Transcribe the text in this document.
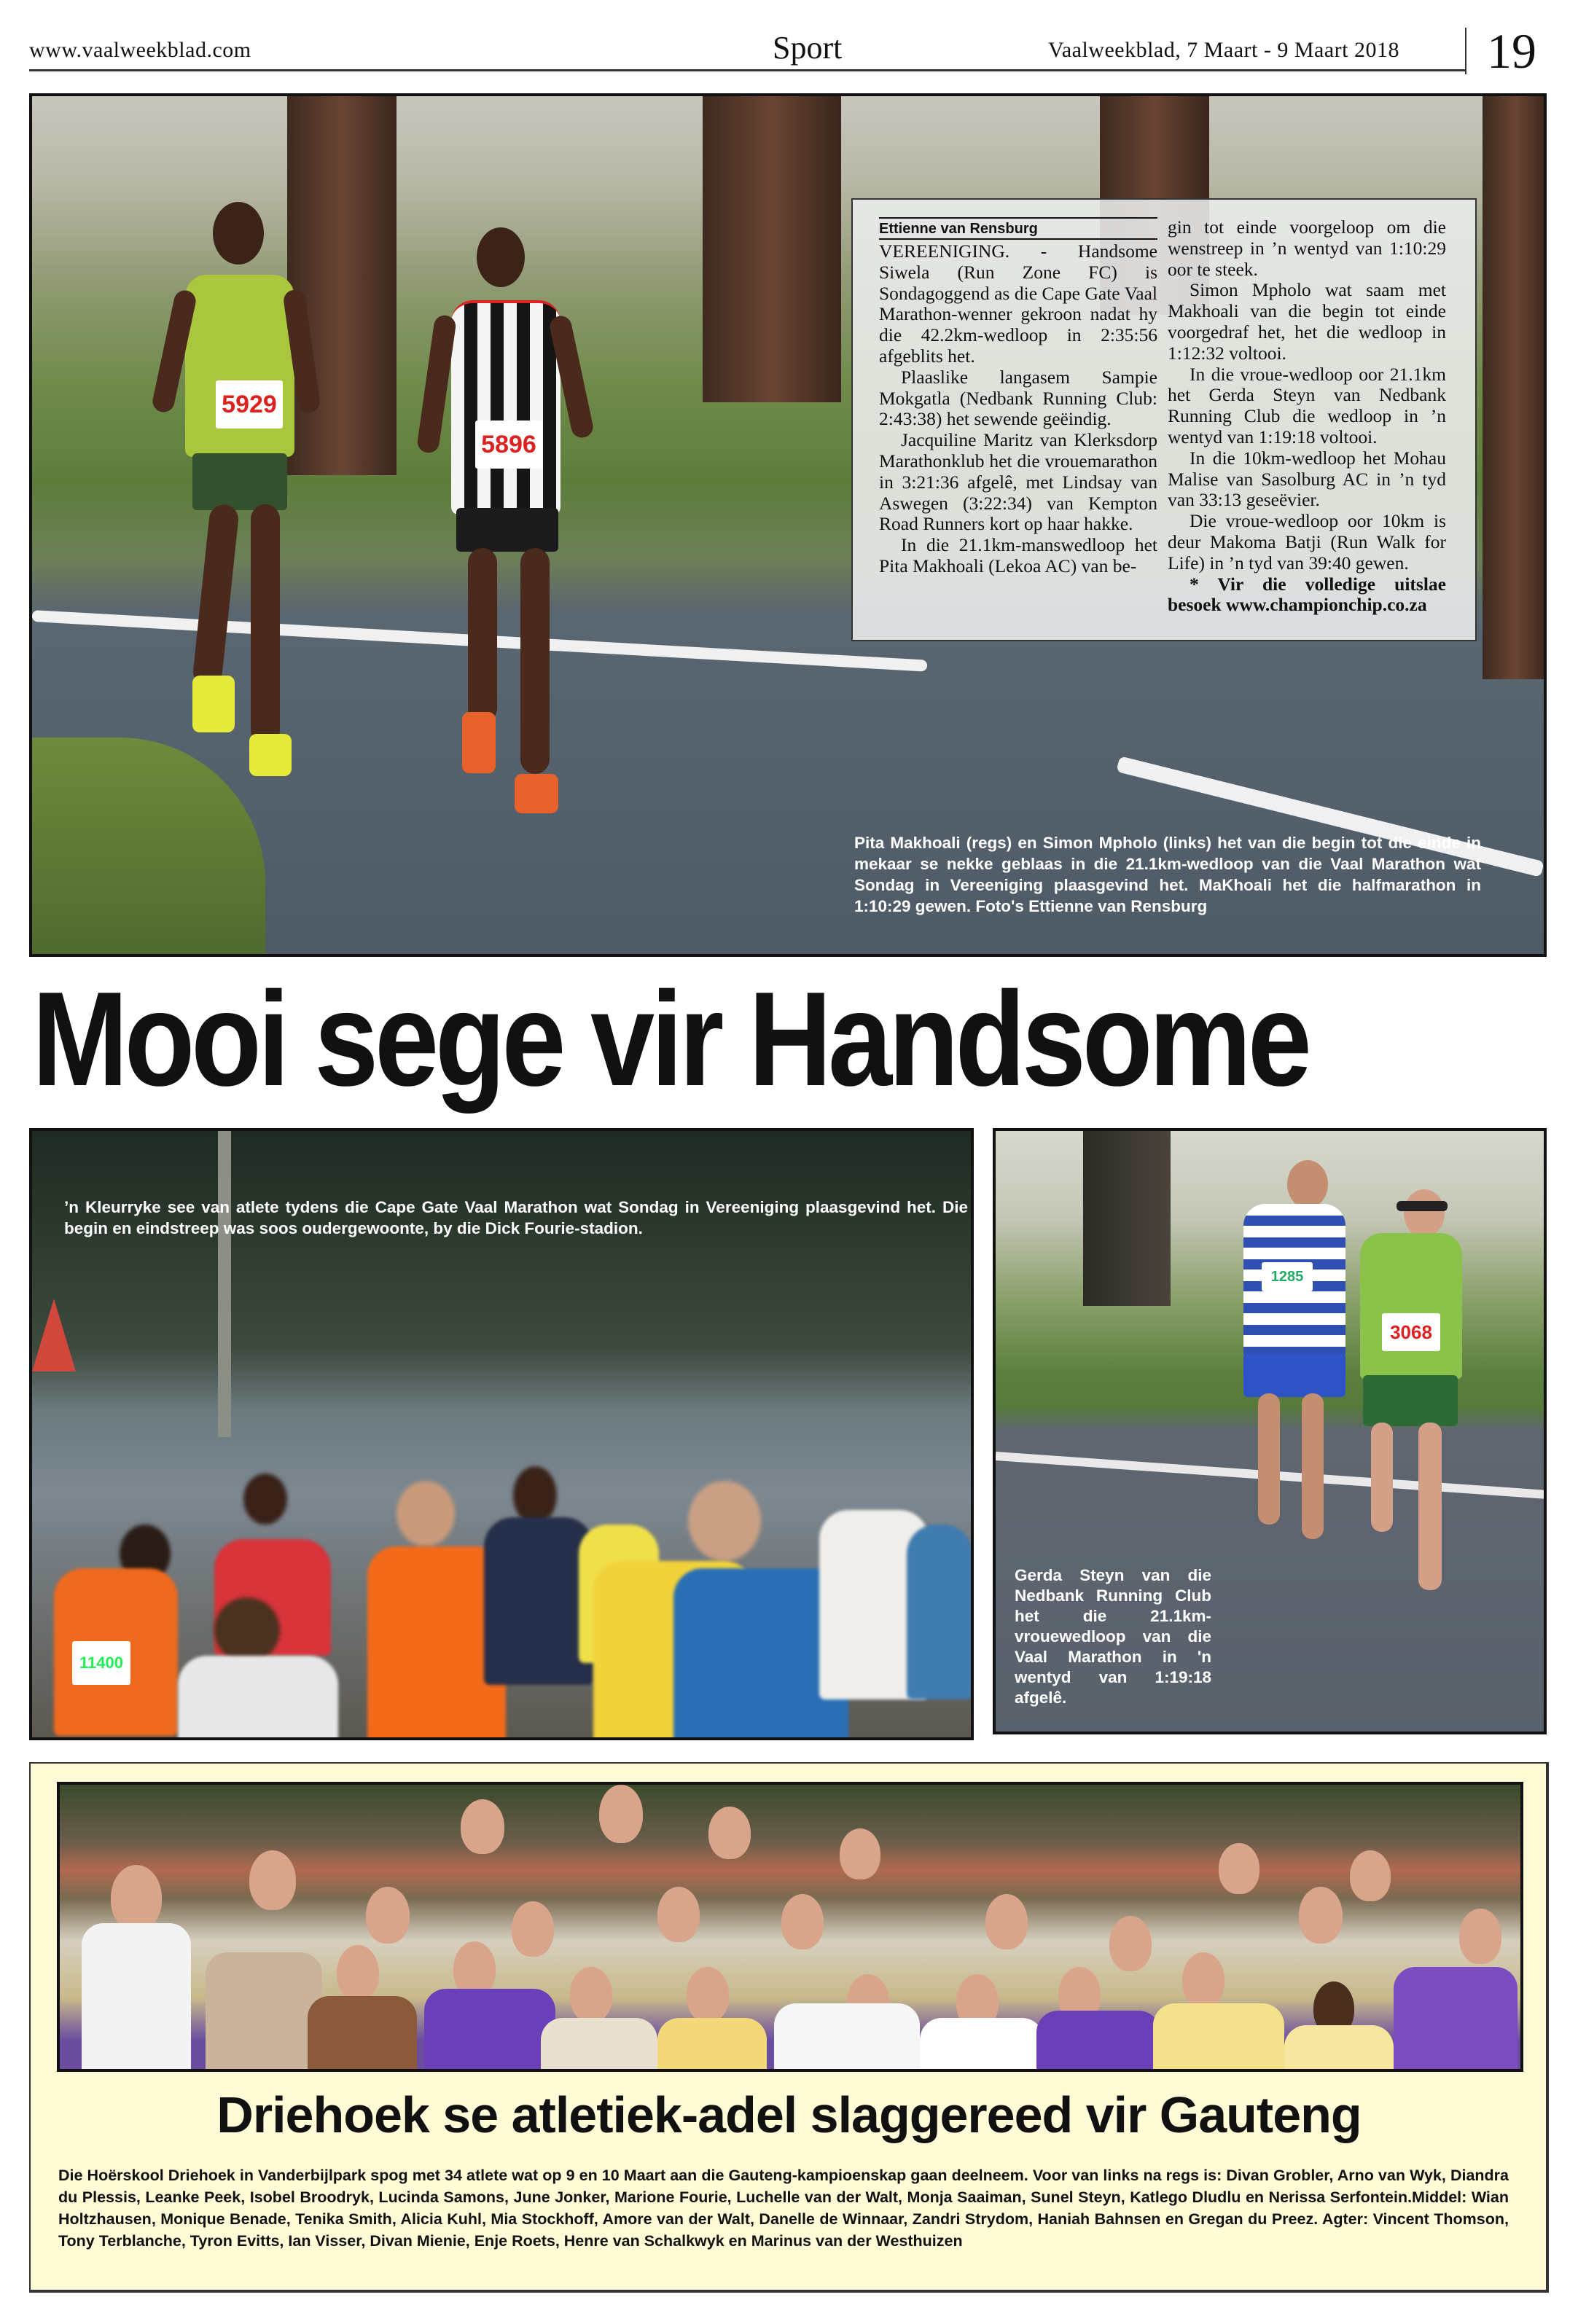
www.vaalweekblad.com	Sport	Vaalweekblad, 7 Maart - 9 Maart 2018 19
5929
5896
Ettienne van Rensburg

VEREENIGING. - Handsome Siwela (Run Zone FC) is Sondagoggend as die Cape Gate Vaal Marathon-wenner gekroon nadat hy die 42.2km-wedloop in 2:35:56 afgeblits het.

Plaaslike langasem Sampie Mokgatla (Nedbank Running Club: 2:43:38) het sewende geëindig.

Jacquiline Maritz van Klerksdorp Marathonklub het die vrouemarathon in 3:21:36 afgelê, met Lindsay van Aswegen (3:22:34) van Kempton Road Runners kort op haar hakke.

In die 21.1km-manswedloop het Pita Makhoali (Lekoa AC) van be-

gin tot einde voorgeloop om die wenstreep in ’n wentyd van 1:10:29 oor te steek.

Simon Mpholo wat saam met Makhoali van die begin tot einde voorgedraf het, het die wedloop in 1:12:32 voltooi.

In die vroue-wedloop oor 21.1km het Gerda Steyn van Nedbank Running Club die wedloop in ’n wentyd van 1:19:18 voltooi.

In die 10km-wedloop het Mohau Malise van Sasolburg AC in ’n tyd van 33:13 geseëvier.

Die vroue-wedloop oor 10km is deur Makoma Batji (Run Walk for Life) in ’n tyd van 39:40 gewen.

* Vir die volledige uitslae besoek www.championchip.co.za

Pita Makhoali (regs) en Simon Mpholo (links) het van die begin tot die einde in mekaar se nekke geblaas in die 21.1km-wedloop van die Vaal Marathon wat Sondag in Vereeniging plaasgevind het. MaKhoali het die halfmarathon in 1:10:29 gewen. Foto's Ettienne van Rensburg
Mooi sege vir Handsome
11400
’n Kleurryke see van atlete tydens die Cape Gate Vaal Marathon wat Sondag in Vereeniging plaasgevind het. Die begin en eindstreep was soos oudergewoonte, by die Dick Fourie-stadion.
1285
3068
Gerda Steyn van die Nedbank Running Club het die 21.1km-vrouewedloop van die Vaal Marathon in 'n wentyd van 1:19:18 afgelê.
Driehoek se atletiek-adel slaggereed vir Gauteng
Die Hoërskool Driehoek in Vanderbijlpark spog met 34 atlete wat op 9 en 10 Maart aan die Gauteng-kampioenskap gaan deelneem. Voor van links na regs is: Divan Grobler, Arno van Wyk, Diandra du Plessis, Leanke Peek, Isobel Broodryk, Lucinda Samons, June Jonker, Marione Fourie, Luchelle van der Walt, Monja Saaiman, Sunel Steyn, Katlego Dludlu en Nerissa Serfontein.Middel: Wian Holtzhausen, Monique Benade, Tenika Smith, Alicia Kuhl, Mia Stockhoff, Amore van der Walt, Danelle de Winnaar, Zandri Strydom, Haniah Bahnsen en Gregan du Preez. Agter: Vincent Thomson, Tony Terblanche, Tyron Evitts, Ian Visser, Divan Mienie, Enje Roets, Henre van Schalkwyk en Marinus van der Westhuizen
